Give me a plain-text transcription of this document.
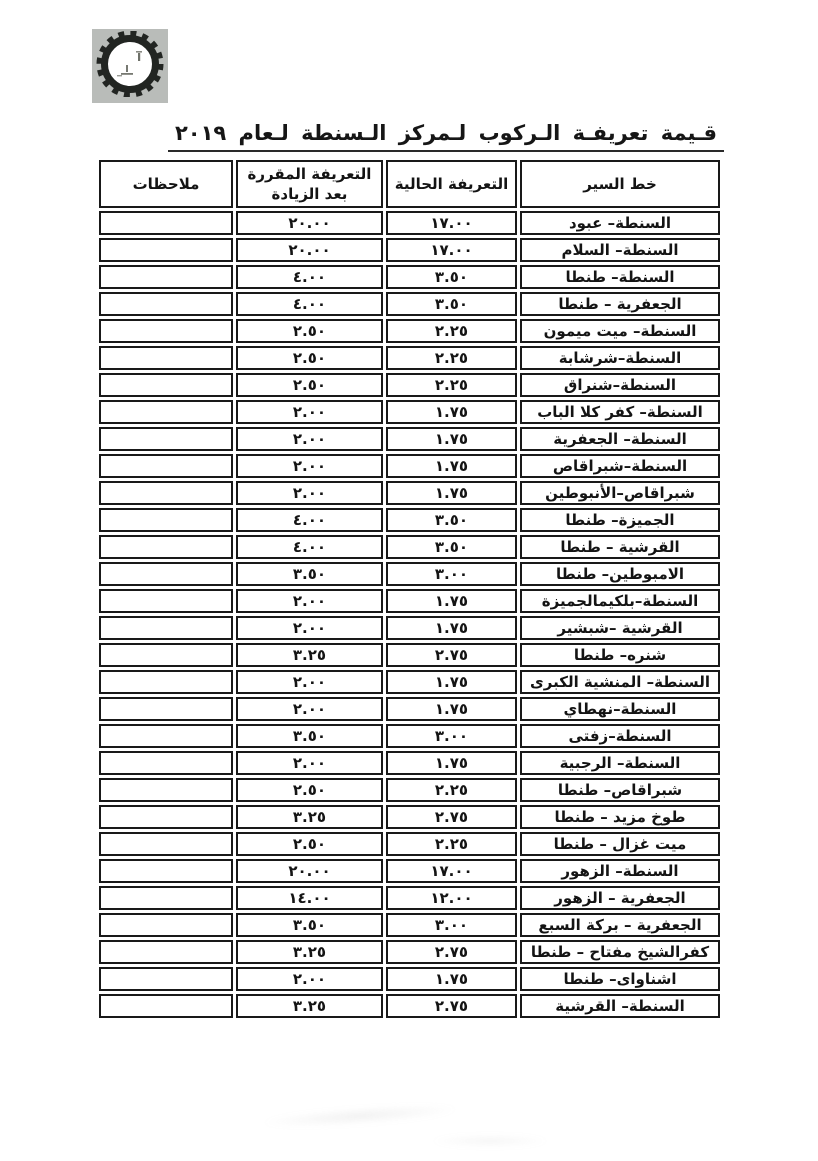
قـيمة تعريفـة الـركوب لـمركز الـسنطة لـعام ٢٠١٩
خط السير	التعريفة الحالية	التعريفة المقررة بعد الزيادة	ملاحظات
السنطة– عبود	١٧.٠٠	٢٠.٠٠	
السنطة– السلام	١٧.٠٠	٢٠.٠٠	
السنطة– طنطا	٣.٥٠	٤.٠٠	
الجعفرية – طنطا	٣.٥٠	٤.٠٠	
السنطة– ميت ميمون	٢.٢٥	٢.٥٠	
السنطة–شرشابة	٢.٢٥	٢.٥٠	
السنطة–شنراق	٢.٢٥	٢.٥٠	
السنطة– كفر كلا الباب	١.٧٥	٢.٠٠	
السنطة– الجعفرية	١.٧٥	٢.٠٠	
السنطة–شبراقاص	١.٧٥	٢.٠٠	
شبراقاص–الأنبوطين	١.٧٥	٢.٠٠	
الجميزة– طنطا	٣.٥٠	٤.٠٠	
القرشية – طنطا	٣.٥٠	٤.٠٠	
الامبوطين– طنطا	٣.٠٠	٣.٥٠	
السنطة–بلكيمالجميزة	١.٧٥	٢.٠٠	
القرشية –شبشير	١.٧٥	٢.٠٠	
شنره– طنطا	٢.٧٥	٣.٢٥	
السنطة– المنشية الكبرى	١.٧٥	٢.٠٠	
السنطة–نهطاي	١.٧٥	٢.٠٠	
السنطة–زفتى	٣.٠٠	٣.٥٠	
السنطة– الرجبية	١.٧٥	٢.٠٠	
شبراقاص– طنطا	٢.٢٥	٢.٥٠	
طوخ مزيد – طنطا	٢.٧٥	٣.٢٥	
ميت غزال – طنطا	٢.٢٥	٢.٥٠	
السنطة– الزهور	١٧.٠٠	٢٠.٠٠	
الجعفرية – الزهور	١٢.٠٠	١٤.٠٠	
الجعفرية – بركة السبع	٣.٠٠	٣.٥٠	
كفرالشيخ مفتاح – طنطا	٢.٧٥	٣.٢٥	
اشناواى– طنطا	١.٧٥	٢.٠٠	
السنطة– القرشية	٢.٧٥	٣.٢٥	
